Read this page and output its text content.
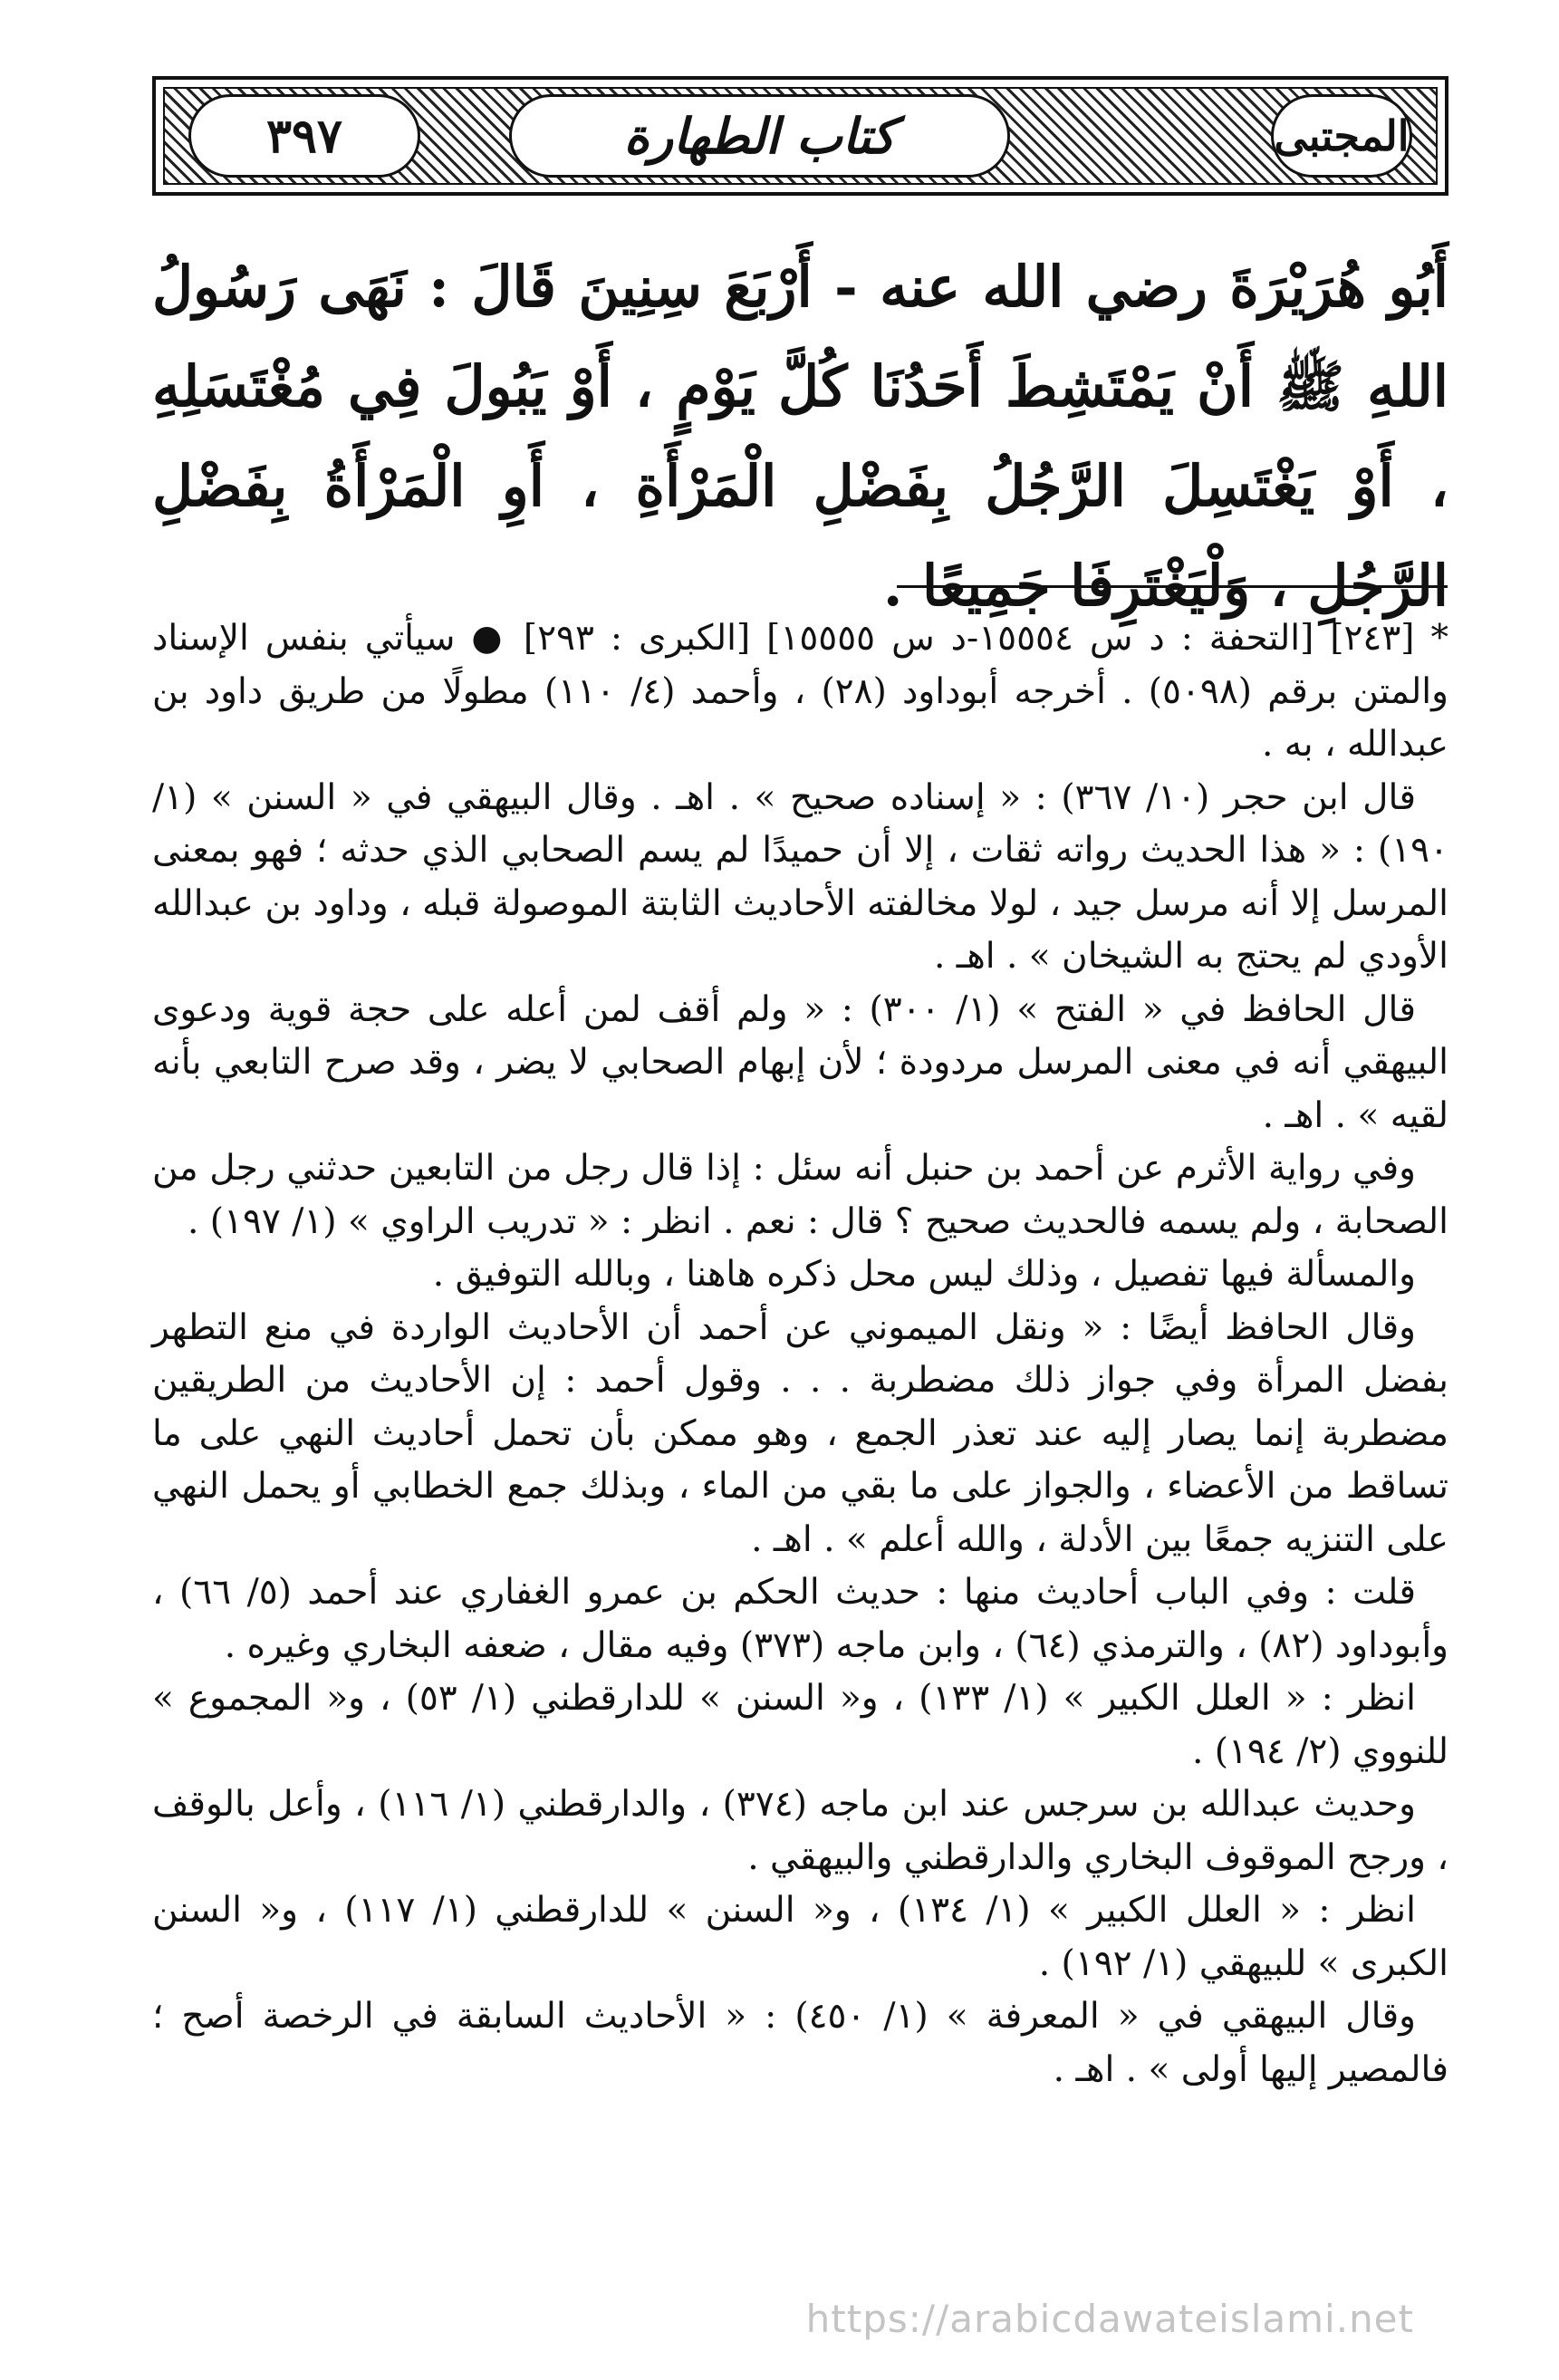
المجتبى
كتاب الطهارة
٣٩٧

أَبُو هُرَيْرَةَ رضي الله عنه - أَرْبَعَ سِنِينَ قَالَ : نَهَى رَسُولُ اللهِ ﷺ أَنْ يَمْتَشِطَ أَحَدُنَا كُلَّ يَوْمٍ ، أَوْ يَبُولَ فِي مُغْتَسَلِهِ ، أَوْ يَغْتَسِلَ الرَّجُلُ بِفَضْلِ الْمَرْأَةِ ، أَوِ الْمَرْأَةُ بِفَضْلِ الرَّجُلِ ، وَلْيَغْتَرِفَا جَمِيعًا .

* [٢٤٣] [التحفة : د س ١٥٥٥٤-د س ١٥٥٥٥] [الكبرى : ٢٩٣] ● سيأتي بنفس الإسناد والمتن برقم (٥٠٩٨) . أخرجه أبوداود (٢٨) ، وأحمد (٤/ ١١٠) مطولًا من طريق داود بن عبدالله ، به .

قال ابن حجر (١٠/ ٣٦٧) : « إسناده صحيح » . اهـ . وقال البيهقي في « السنن » (١/ ١٩٠) : « هذا الحديث رواته ثقات ، إلا أن حميدًا لم يسم الصحابي الذي حدثه ؛ فهو بمعنى المرسل إلا أنه مرسل جيد ، لولا مخالفته الأحاديث الثابتة الموصولة قبله ، وداود بن عبدالله الأودي لم يحتج به الشيخان » . اهـ .

قال الحافظ في « الفتح » (١/ ٣٠٠) : « ولم أقف لمن أعله على حجة قوية ودعوى البيهقي أنه في معنى المرسل مردودة ؛ لأن إبهام الصحابي لا يضر ، وقد صرح التابعي بأنه لقيه » . اهـ .

وفي رواية الأثرم عن أحمد بن حنبل أنه سئل : إذا قال رجل من التابعين حدثني رجل من الصحابة ، ولم يسمه فالحديث صحيح ؟ قال : نعم . انظر : « تدريب الراوي » (١/ ١٩٧) .

والمسألة فيها تفصيل ، وذلك ليس محل ذكره هاهنا ، وبالله التوفيق .

وقال الحافظ أيضًا : « ونقل الميموني عن أحمد أن الأحاديث الواردة في منع التطهر بفضل المرأة وفي جواز ذلك مضطربة . . . وقول أحمد : إن الأحاديث من الطريقين مضطربة إنما يصار إليه عند تعذر الجمع ، وهو ممكن بأن تحمل أحاديث النهي على ما تساقط من الأعضاء ، والجواز على ما بقي من الماء ، وبذلك جمع الخطابي أو يحمل النهي على التنزيه جمعًا بين الأدلة ، والله أعلم » . اهـ .

قلت : وفي الباب أحاديث منها : حديث الحكم بن عمرو الغفاري عند أحمد (٥/ ٦٦) ، وأبوداود (٨٢) ، والترمذي (٦٤) ، وابن ماجه (٣٧٣) وفيه مقال ، ضعفه البخاري وغيره .

انظر : « العلل الكبير » (١/ ١٣٣) ، و« السنن » للدارقطني (١/ ٥٣) ، و« المجموع » للنووي (٢/ ١٩٤) .

وحديث عبدالله بن سرجس عند ابن ماجه (٣٧٤) ، والدارقطني (١/ ١١٦) ، وأعل بالوقف ، ورجح الموقوف البخاري والدارقطني والبيهقي .

انظر : « العلل الكبير » (١/ ١٣٤) ، و« السنن » للدارقطني (١/ ١١٧) ، و« السنن الكبرى » للبيهقي (١/ ١٩٢) .

وقال البيهقي في « المعرفة » (١/ ٤٥٠) : « الأحاديث السابقة في الرخصة أصح ؛ فالمصير إليها أولى » . اهـ .

https://arabicdawateislami.net
